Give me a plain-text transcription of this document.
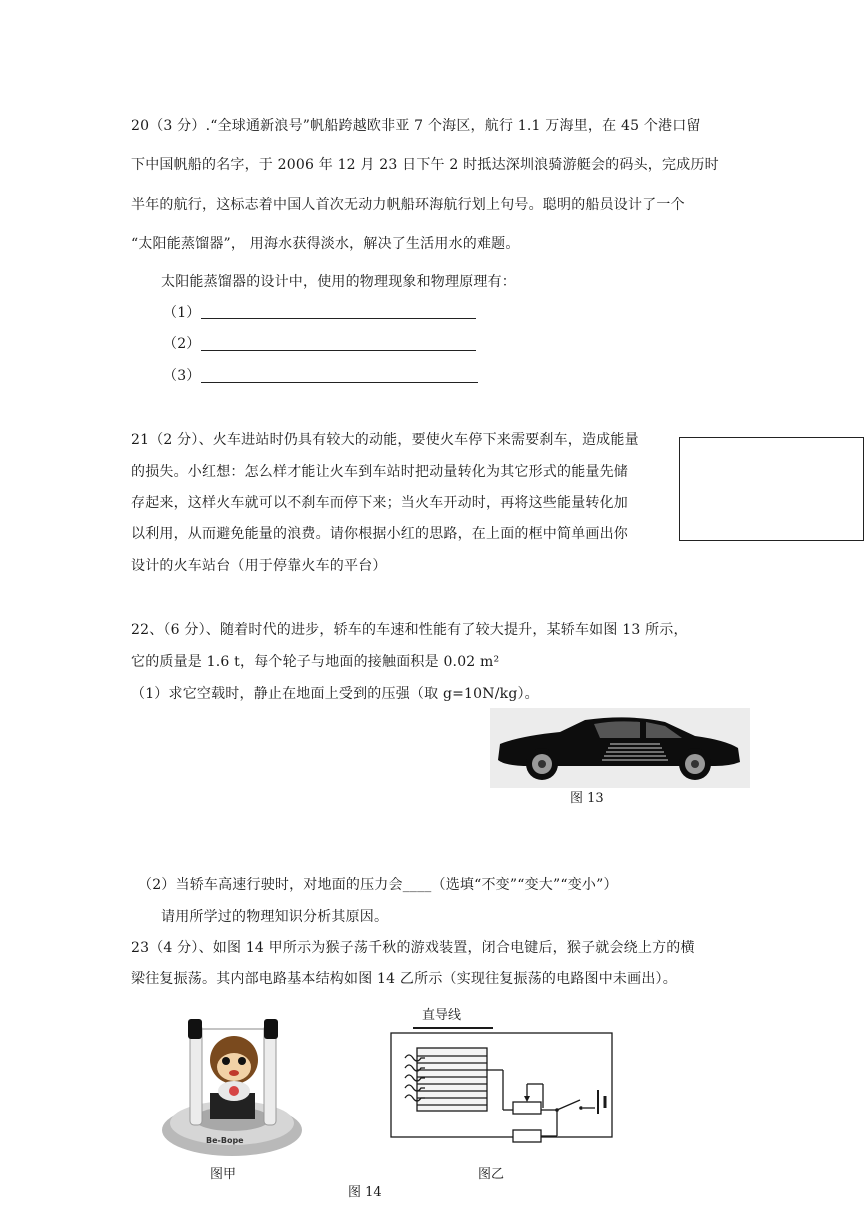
20（3 分）.“全球通新浪号”帆船跨越欧非亚 7 个海区，航行 1.1 万海里，在 45 个港口留
下中国帆船的名字，于 2006 年 12 月 23 日下午 2 时抵达深圳浪骑游艇会的码头，完成历时
半年的航行，这标志着中国人首次无动力帆船环海航行划上句号。聪明的船员设计了一个
“太阳能蒸馏器”， 用海水获得淡水，解决了生活用水的难题。
太阳能蒸馏器的设计中，使用的物理现象和物理原理有：
（1）
（2）
（3）
21（2 分）、火车进站时仍具有较大的动能，要使火车停下来需要刹车，造成能量
的损失。小红想：怎么样才能让火车到车站时把动量转化为其它形式的能量先储
存起来，这样火车就可以不刹车而停下来；当火车开动时，再将这些能量转化加
以利用，从而避免能量的浪费。请你根据小红的思路，在上面的框中简单画出你
设计的火车站台（用于停靠火车的平台）
22、（6 分）、随着时代的进步，轿车的车速和性能有了较大提升，某轿车如图 13 所示，
它的质量是 1.6 t，每个轮子与地面的接触面积是 0.02 m²
（1）求它空载时，静止在地面上受到的压强（取 g=10N/kg）。
图 13
（2）当轿车高速行驶时，对地面的压力会____（选填“不变”“变大”“变小”）
请用所学过的物理知识分析其原因。
23（4 分）、如图 14 甲所示为猴子荡千秋的游戏装置，闭合电键后，猴子就会绕上方的横
梁往复振荡。其内部电路基本结构如图 14 乙所示（实现往复振荡的电路图中未画出）。
Be-Bope
图甲
直导线
图乙
图 14
